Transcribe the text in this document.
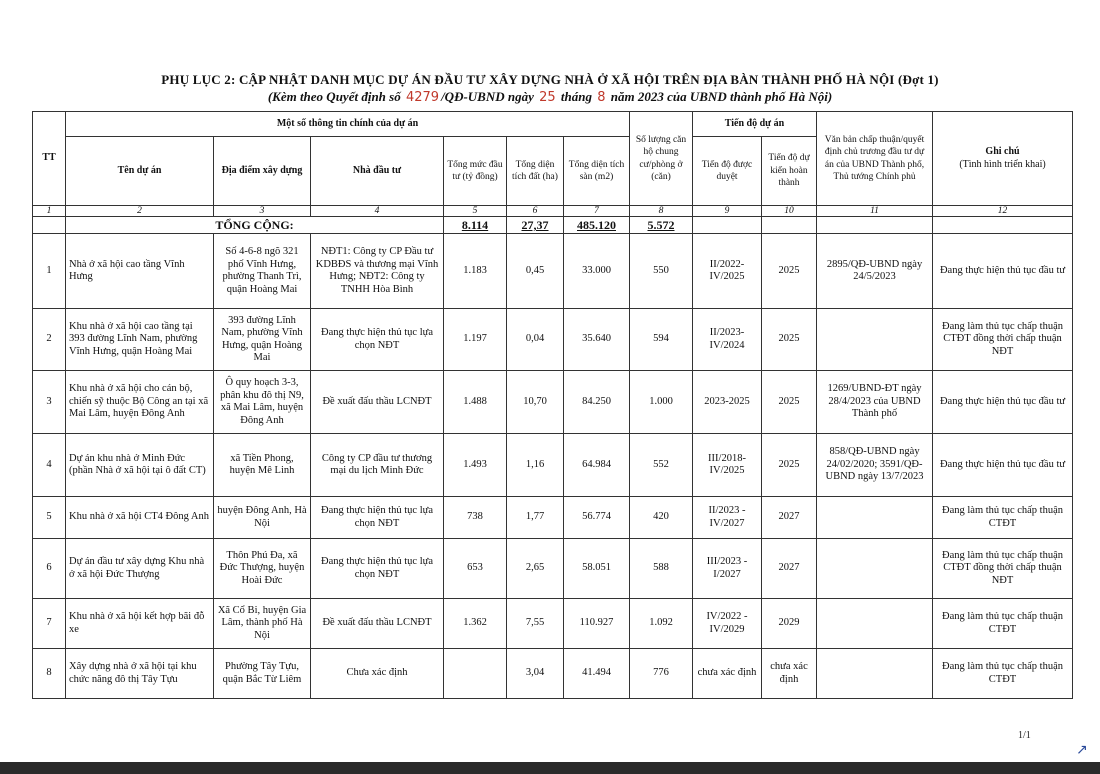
PHỤ LỤC 2: CẬP NHẬT DANH MỤC DỰ ÁN ĐẦU TƯ XÂY DỰNG NHÀ Ở XÃ HỘI TRÊN ĐỊA BÀN THÀNH PHỐ HÀ NỘI (Đợt 1)
(Kèm theo Quyết định số 4279 /QĐ-UBND ngày 25 tháng 8 năm 2023 của UBND thành phố Hà Nội)
TT	Một số thông tin chính của dự án						Số lượng căn hộ chung cư/phòng ở (căn)	Tiến độ dự án		Văn bản chấp thuận/quyết định chủ trương đầu tư dự án của UBND Thành phố, Thủ tướng Chính phủ	Ghi chú
(Tình hình triển khai)

	Tên dự án	Địa điểm xây dựng	Nhà đầu tư	Tổng mức đầu tư (tỷ đồng)	Tổng diện tích đất (ha)	Tổng diện tích sàn (m2)		Tiến độ được duyệt	Tiến độ dự kiến hoàn thành		
1	2	3	4	5	6	7	8	9	10	11	12
	TỔNG CỘNG:			8.114	27,37	485.120	5.572				
1	Nhà ở xã hội cao tầng Vĩnh Hưng	Số 4-6-8 ngõ 321 phố Vĩnh Hưng, phường Thanh Trì, quận Hoàng Mai	NĐT1: Công ty CP Đầu tư KDBĐS và thương mại Vĩnh Hưng; NĐT2: Công ty TNHH Hòa Bình	1.183	0,45	33.000	550	II/2022-IV/2025	2025	2895/QĐ-UBND ngày 24/5/2023	Đang thực hiện thủ tục đầu tư
2	Khu nhà ở xã hội cao tầng tại 393 đường Lĩnh Nam, phường Vĩnh Hưng, quận Hoàng Mai	393 đường Lĩnh Nam, phường Vĩnh Hưng, quận Hoàng Mai	Đang thực hiện thủ tục lựa chọn NĐT	1.197	0,04	35.640	594	II/2023-IV/2024	2025		Đang làm thủ tục chấp thuận CTĐT đồng thời chấp thuận NĐT
3	Khu nhà ở xã hội cho cán bộ, chiến sỹ thuộc Bộ Công an tại xã Mai Lâm, huyện Đông Anh	Ô quy hoạch 3-3, phân khu đô thị N9, xã Mai Lâm, huyện Đông Anh	Đề xuất đấu thầu LCNĐT	1.488	10,70	84.250	1.000	2023-2025	2025	1269/UBND-ĐT ngày 28/4/2023 của UBND Thành phố	Đang thực hiện thủ tục đầu tư
4	Dự án khu nhà ở Minh Đức (phần Nhà ở xã hội tại ô đất CT)	xã Tiền Phong, huyện Mê Linh	Công ty CP đầu tư thương mại du lịch Minh Đức	1.493	1,16	64.984	552	III/2018-IV/2025	2025	858/QĐ-UBND ngày 24/02/2020; 3591/QĐ-UBND ngày 13/7/2023	Đang thực hiện thủ tục đầu tư
5	Khu nhà ở xã hội CT4 Đông Anh	huyện Đông Anh, Hà Nội	Đang thực hiện thủ tục lựa chọn NĐT	738	1,77	56.774	420	II/2023 - IV/2027	2027		Đang làm thủ tục chấp thuận CTĐT
6	Dự án đầu tư xây dựng Khu nhà ở xã hội Đức Thượng	Thôn Phú Đa, xã Đức Thượng, huyện Hoài Đức	Đang thực hiện thủ tục lựa chọn NĐT	653	2,65	58.051	588	III/2023 - I/2027	2027		Đang làm thủ tục chấp thuận CTĐT đồng thời chấp thuận NĐT
7	Khu nhà ở xã hội kết hợp bãi đỗ xe	Xã Cổ Bi, huyện Gia Lâm, thành phố Hà Nội	Đề xuất đấu thầu LCNĐT	1.362	7,55	110.927	1.092	IV/2022 - IV/2029	2029		Đang làm thủ tục chấp thuận CTĐT
8	Xây dựng nhà ở xã hội tại khu chức năng đô thị Tây Tựu	Phường Tây Tựu, quận Bắc Từ Liêm	Chưa xác định		3,04	41.494	776	chưa xác định	chưa xác định		Đang làm thủ tục chấp thuận CTĐT
1/1
↗
